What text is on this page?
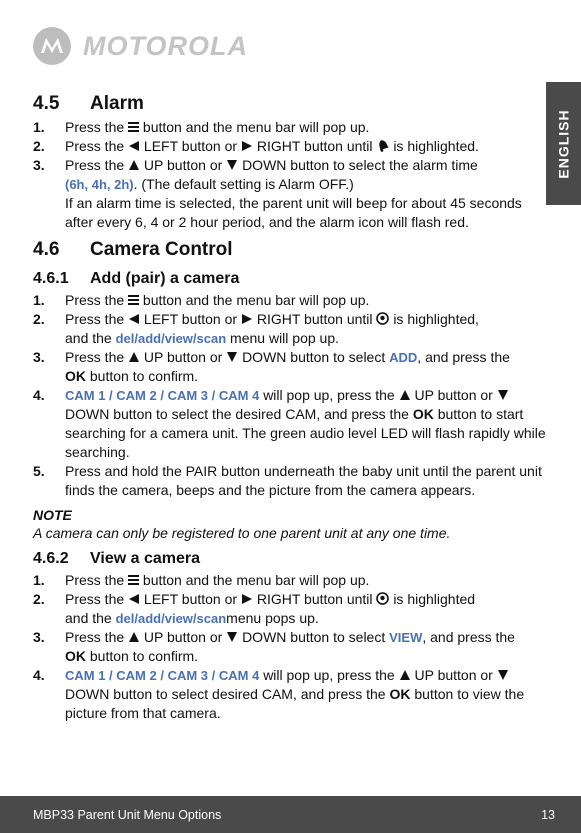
MOTOROLA
ENGLISH
4.5 Alarm
1. Press the button and the menu bar will pop up.
2. Press the LEFT button or RIGHT button until is highlighted.
3. Press the UP button or DOWN button to select the alarm time
(6h, 4h, 2h). (The default setting is Alarm OFF.)
If an alarm time is selected, the parent unit will beep for about 45 seconds after every 6, 4 or 2 hour period, and the alarm icon will flash red.
4.6 Camera Control
4.6.1 Add (pair) a camera
1. Press the button and the menu bar will pop up.
2. Press the LEFT button or RIGHT button until is highlighted,
and the del/add/view/scan menu will pop up.
3. Press the UP button or DOWN button to select ADD, and press the
OK button to confirm.
4. CAM 1 / CAM 2 / CAM 3 / CAM 4 will pop up, press the UP button or
DOWN button to select the desired CAM, and press the OK button to start searching for a camera unit. The green audio level LED will flash rapidly while searching.
5. Press and hold the PAIR button underneath the baby unit until the parent unit finds the camera, beeps and the picture from the camera appears.
NOTE
A camera can only be registered to one parent unit at any one time.
4.6.2 View a camera
1. Press the button and the menu bar will pop up.
2. Press the LEFT button or RIGHT button until is highlighted
and the del/add/view/scanmenu pops up.
3. Press the UP button or DOWN button to select VIEW, and press the
OK button to confirm.
4. CAM 1 / CAM 2 / CAM 3 / CAM 4 will pop up, press the UP button or
DOWN button to select desired CAM, and press the OK button to view the picture from that camera.
MBP33 Parent Unit Menu Options	13
